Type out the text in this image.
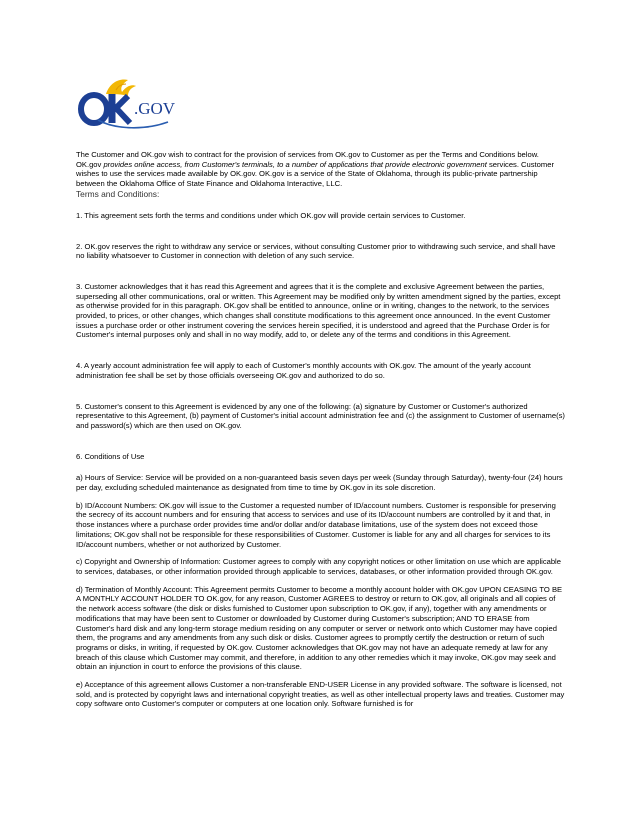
.GOV

The Customer and OK.gov wish to contract for the provision of services from OK.gov to Customer as per the Terms and Conditions below. OK.gov provides online access, from Customer's terminals, to a number of applications that provide electronic government services. Customer wishes to use the services made available by OK.gov. OK.gov is a service of the State of Oklahoma, through its public-private partnership between the Oklahoma Office of State Finance and Oklahoma Interactive, LLC.

Terms and Conditions:

1. This agreement sets forth the terms and conditions under which OK.gov will provide certain services to Customer.

2. OK.gov reserves the right to withdraw any service or services, without consulting Customer prior to withdrawing such service, and shall have no liability whatsoever to Customer in connection with deletion of any such service.

3. Customer acknowledges that it has read this Agreement and agrees that it is the complete and exclusive Agreement between the parties, superseding all other communications, oral or written. This Agreement may be modified only by written amendment signed by the parties, except as otherwise provided for in this paragraph. OK.gov shall be entitled to announce, online or in writing, changes to the network, to the services provided, to prices, or other changes, which changes shall constitute modifications to this agreement once announced. In the event Customer issues a purchase order or other instrument covering the services herein specified, it is understood and agreed that the Purchase Order is for Customer's internal purposes only and shall in no way modify, add to, or delete any of the terms and conditions in this Agreement.

4. A yearly account administration fee will apply to each of Customer's monthly accounts with OK.gov. The amount of the yearly account administration fee shall be set by those officials overseeing OK.gov and authorized to do so.

5. Customer's consent to this Agreement is evidenced by any one of the following: (a) signature by Customer or Customer's authorized representative to this Agreement, (b) payment of Customer's initial account administration fee and (c) the assignment to Customer of username(s) and password(s) which are then used on OK.gov.

6. Conditions of Use

a) Hours of Service: Service will be provided on a non-guaranteed basis seven days per week (Sunday through Saturday), twenty-four (24) hours per day, excluding scheduled maintenance as designated from time to time by OK.gov in its sole discretion.

b) ID/Account Numbers: OK.gov will issue to the Customer a requested number of ID/account numbers. Customer is responsible for preserving the secrecy of its account numbers and for ensuring that access to services and use of its ID/account numbers are controlled by it and that, in those instances where a purchase order provides time and/or dollar and/or database limitations, use of the system does not exceed those limitations; OK.gov shall not be responsible for these responsibilities of Customer. Customer is liable for any and all charges for services to its ID/account numbers, whether or not authorized by Customer.

c) Copyright and Ownership of Information: Customer agrees to comply with any copyright notices or other limitation on use which are applicable to services, databases, or other information provided through applicable to services, databases, or other information provided through OK.gov.

d) Termination of Monthly Account: This Agreement permits Customer to become a monthly account holder with OK.gov UPON CEASING TO BE A MONTHLY ACCOUNT HOLDER TO OK.gov, for any reason, Customer AGREES to destroy or return to OK.gov, all originals and all copies of the network access software (the disk or disks furnished to Customer upon subscription to OK.gov, if any), together with any amendments or modifications that may have been sent to Customer or downloaded by Customer during Customer's subscription; AND TO ERASE from Customer's hard disk and any long-term storage medium residing on any computer or server or network onto which Customer may have copied them, the programs and any amendments from any such disk or disks. Customer agrees to promptly certify the destruction or return of such programs or disks, in writing, if requested by OK.gov. Customer acknowledges that OK.gov may not have an adequate remedy at law for any breach of this clause which Customer may commit, and therefore, in addition to any other remedies which it may invoke, OK.gov may seek and obtain an injunction in court to enforce the provisions of this clause.

e) Acceptance of this agreement allows Customer a non-transferable END-USER License in any provided software. The software is licensed, not sold, and is protected by copyright laws and international copyright treaties, as well as other intellectual property laws and treaties. Customer may copy software onto Customer's computer or computers at one location only. Software furnished is for
